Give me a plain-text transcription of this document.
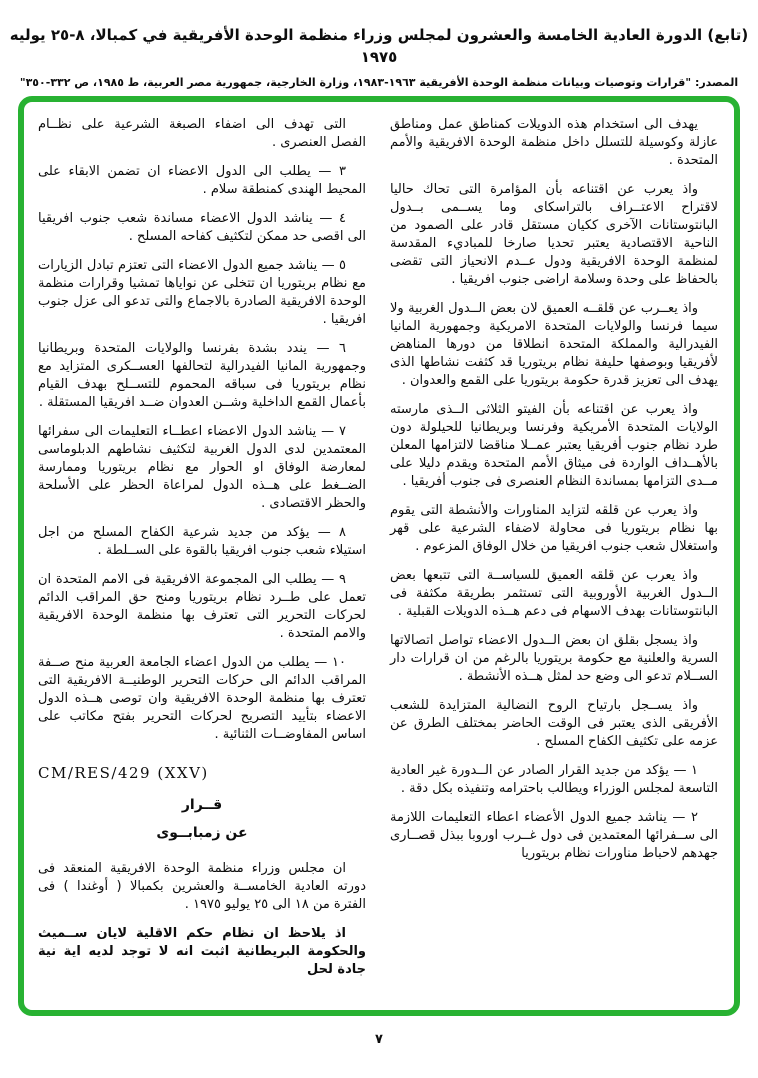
(تابع) الدورة العادية الخامسة والعشرون لمجلس وزراء منظمة الوحدة الأفريقية في كمبالا، ٨-٢٥ يوليه ١٩٧٥
المصدر: "قرارات وتوصيات وبيانات منظمة الوحدة الأفريقية ١٩٦٣-١٩٨٣، وزارة الخارجية، جمهورية مصر العربية، ط ١٩٨٥، ص ٣٣٢-٣٥٠"

يهدف الى استخدام هذه الدويلات كمناطق عمل ومناطق عازلة وكوسيلة للتسلل داخل منظمة الوحدة الافريقية والأمم المتحدة .

واذ يعرب عن اقتناعه بأن المؤامرة التى تحاك حاليا لاقتراح الاعتــراف بالتراسكاى وما يســمى بــدول البانتوستانات الآخرى ككيان مستقل قادر على الصمود من الناحية الاقتصادية يعتبر تحديا صارخا للمباديء المقدسة لمنظمة الوحدة الافريقية ودول عــدم الانحياز التى تقضى بالحفاظ على وحدة وسلامة اراضى جنوب افريقيا .

واذ يعــرب عن قلقــه العميق لان بعض الــدول الغربية ولا سيما فرنسا والولايات المتحدة الامريكية وجمهورية المانيا الفيدرالية والمملكة المتحدة انطلاقا من دورها المناهض لأفريقيا وبوصفها حليفة نظام بريتوريا قد كثفت نشاطها الذى يهدف الى تعزيز قدرة حكومة بريتوريا على القمع والعدوان .

واذ يعرب عن اقتناعه بأن الفيتو الثلاثى الــذى مارسته الولايات المتحدة الأمريكية وفرنسا وبريطانيا للحيلولة دون طرد نظام جنوب أفريقيا يعتبر عمــلا مناقضا لالتزامها المعلن بالأهــداف الواردة فى ميثاق الأمم المتحدة ويقدم دليلا على مــدى التزامها بمساندة النظام العنصرى فى جنوب أفريقيا .

واذ يعرب عن قلقه لتزايد المناورات والأنشطة التى يقوم بها نظام بريتوريا فى محاولة لاضفاء الشرعية على قهر واستغلال شعب جنوب افريقيا من خلال الوفاق المزعوم .

واذ يعرب عن قلقه العميق للسياســة التى تتبعها بعض الــدول الغربية الأوروبية التى تستثمر بطريقة مكثفة فى البانتوستانات بهدف الاسهام فى دعم هــذه الدويلات القبلية .

واذ يسجل بقلق ان بعض الــدول الاعضاء تواصل اتصالاتها السرية والعلنية مع حكومة بريتوريا بالرغم من ان قرارات دار الســلام تدعو الى وضع حد لمثل هــذه الأنشطة .

واذ يســجل بارتياح الروح النضالية المتزايدة للشعب الأفريقى الذى يعتبر فى الوقت الحاضر بمختلف الطرق عن عزمه على تكثيف الكفاح المسلح .

١ — يؤكد من جديد القرار الصادر عن الــدورة غير العادية التاسعة لمجلس الوزراء ويطالب باحترامه وتنفيذه بكل دقة .

٢ — يناشد جميع الدول الأعضاء اعطاء التعليمات اللازمة الى ســفرائها المعتمدين فى دول غــرب اوروبا ببذل قصــارى جهدهم لاحباط مناورات نظام بريتوريا

التى تهدف الى اضفاء الصبغة الشرعية على نظــام الفصل العنصرى .

٣ — يطلب الى الدول الاعضاء ان تضمن الابقاء على المحيط الهندى كمنطقة سلام .

٤ — يناشد الدول الاعضاء مساندة شعب جنوب افريقيا الى اقصى حد ممكن لتكثيف كفاحه المسلح .

٥ — يناشد جميع الدول الاعضاء التى تعتزم تبادل الزيارات مع نظام بريتوريا ان تتخلى عن نواياها تمشيا وقرارات منظمة الوحدة الافريقية الصادرة بالاجماع والتى تدعو الى عزل جنوب افريقيا .

٦ — يندد بشدة بفرنسا والولايات المتحدة وبريطانيا وجمهورية المانيا الفيدرالية لتحالفها العســكرى المتزايد مع نظام بريتوريا فى سباقه المحموم للتســلح بهدف القيام بأعمال القمع الداخلية وشــن العدوان ضــد افريقيا المستقلة .

٧ — يناشد الدول الاعضاء اعطــاء التعليمات الى سفرائها المعتمدين لدى الدول الغربية لتكثيف نشاطهم الدبلوماسى لمعارضة الوفاق او الحوار مع نظام بريتوريا وممارسة الضــغط على هــذه الدول لمراعاة الحظر على الأسلحة والحظر الاقتصادى .

٨ — يؤكد من جديد شرعية الكفاح المسلح من اجل استيلاء شعب جنوب افريقيا بالقوة على الســلطة .

٩ — يطلب الى المجموعة الافريقية فى الامم المتحدة ان تعمل على طــرد نظام بريتوريا ومنح حق المراقب الدائم لحركات التحرير التى تعترف بها منظمة الوحدة الافريقية والامم المتحدة .

١٠ — يطلب من الدول اعضاء الجامعة العربية منح صــفة المراقب الدائم الى حركات التحرير الوطنيــة الافريقية التى تعترف بها منظمة الوحدة الافريقية وان توصى هــذه الدول الاعضاء بتأييد التصريح لحركات التحرير بفتح مكاتب على اساس المفاوضــات الثنائية .

CM/RES/429 (XXV)

قــرار

عن زمبابــوى

ان مجلس وزراء منظمة الوحدة الافريقية المنعقد فى دورته العادية الخامســة والعشرين بكمبالا ( أوغندا ) فى الفترة من ١٨ الى ٢٥ يوليو ١٩٧٥ .

اذ يلاحظ ان نظام حكم الاقلية لايان ســميث والحكومة البريطانية اثبت انه لا توجد لديه اية نية جادة لحل

٧
